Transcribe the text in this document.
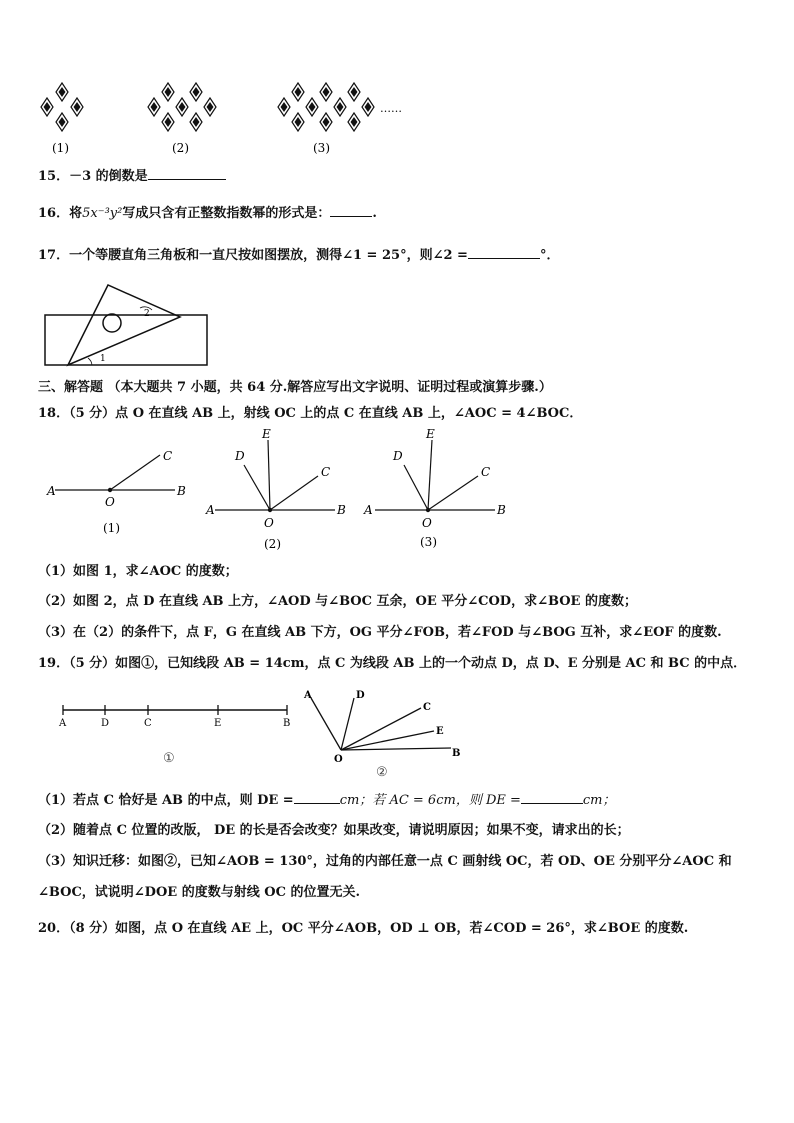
……
(1)	(2)	(3)
15．－3 的倒数是
16．将5x⁻³y²写成只含有正整数指数幂的形式是：	.
17．一个等腰直角三角板和一直尺按如图摆放，测得∠1 = 25°，则∠2 =	°．
2
1
三、解答题 （本大题共 7 小题，共 64 分.解答应写出文字说明、证明过程或演算步骤.）
18．（5 分）点 O 在直线 AB 上，射线 OC 上的点 C 在直线 AB 上，∠AOC = 4∠BOC．
A
O
B
C
(1)
A
O
B
C
D
E
(2)
A
O
B
C
D
E
(3)
（1）如图 1，求∠AOC 的度数；
（2）如图 2，点 D 在直线 AB 上方，∠AOD 与∠BOC 互余，OE 平分∠COD，求∠BOE 的度数；
（3）在（2）的条件下，点 F，G 在直线 AB 下方，OG 平分∠FOB，若∠FOD 与∠BOG 互补，求∠EOF 的度数.
19．（5 分）如图①，已知线段 AB = 14cm，点 C 为线段 AB 上的一个动点 D，点 D、E 分别是 AC 和 BC 的中点．
A	D	C	E	B
①
A	D
C
E
B
O
②
（1）若点 C 恰好是 AB 的中点，则 DE =	cm；若 AC = 6cm，则 DE =	cm；
（2）随着点 C 位置的改版， DE 的长是否会改变？如果改变，请说明原因；如果不变，请求出的长；
（3）知识迁移：如图②，已知∠AOB = 130°，过角的内部任意一点 C 画射线 OC，若 OD、OE 分别平分∠AOC 和
∠BOC，试说明∠DOE 的度数与射线 OC 的位置无关.
20．（8 分）如图，点 O 在直线 AE 上，OC 平分∠AOB，OD ⊥ OB，若∠COD = 26°，求∠BOE 的度数.
